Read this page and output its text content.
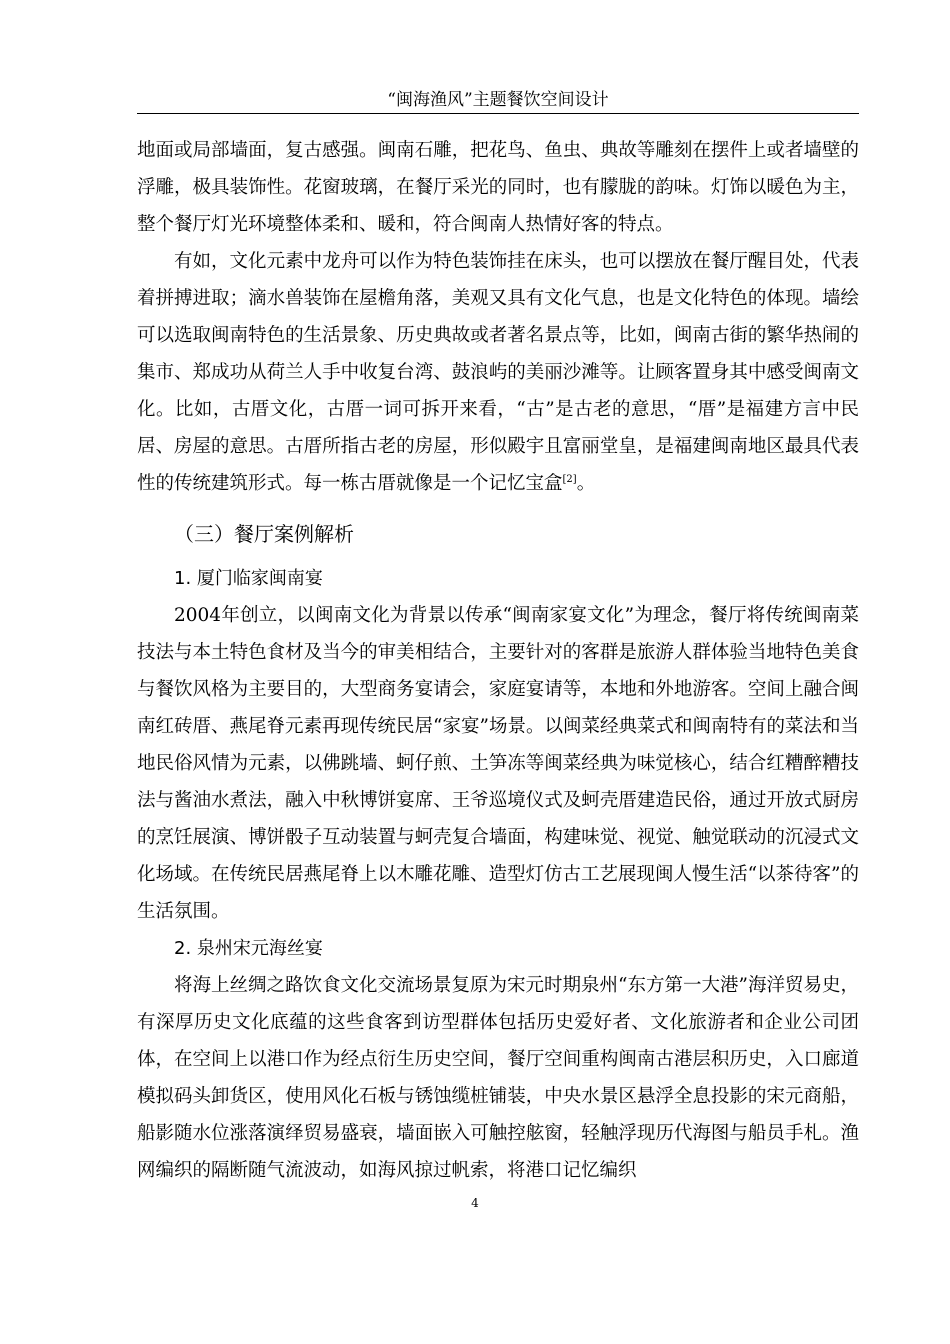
“闽海渔风”主题餐饮空间设计

地面或局部墙面，复古感强。闽南石雕，把花鸟、鱼虫、典故等雕刻在摆件上或者墙壁的浮雕，极具装饰性。花窗玻璃，在餐厅采光的同时，也有朦胧的韵味。灯饰以暖色为主，整个餐厅灯光环境整体柔和、暖和，符合闽南人热情好客的特点。

有如，文化元素中龙舟可以作为特色装饰挂在床头，也可以摆放在餐厅醒目处，代表着拼搏进取；滴水兽装饰在屋檐角落，美观又具有文化气息，也是文化特色的体现。墙绘可以选取闽南特色的生活景象、历史典故或者著名景点等，比如，闽南古街的繁华热闹的集市、郑成功从荷兰人手中收复台湾、鼓浪屿的美丽沙滩等。让顾客置身其中感受闽南文化。比如，古厝文化，古厝一词可拆开来看，“古”是古老的意思，“厝”是福建方言中民居、房屋的意思。古厝所指古老的房屋，形似殿宇且富丽堂皇，是福建闽南地区最具代表性的传统建筑形式。每一栋古厝就像是一个记忆宝盒[2]。

（三）餐厅案例解析
1. 厦门临家闽南宴

2004年创立，以闽南文化为背景以传承“闽南家宴文化”为理念，餐厅将传统闽南菜技法与本土特色食材及当今的审美相结合，主要针对的客群是旅游人群体验当地特色美食与餐饮风格为主要目的，大型商务宴请会，家庭宴请等，本地和外地游客。空间上融合闽南红砖厝、燕尾脊元素再现传统民居“家宴”场景。以闽菜经典菜式和闽南特有的菜法和当地民俗风情为元素，以佛跳墙、蚵仔煎、土笋冻等闽菜经典为味觉核心，结合红糟醉糟技法与酱油水煮法，融入中秋博饼宴席、王爷巡境仪式及蚵壳厝建造民俗，通过开放式厨房的烹饪展演、博饼骰子互动装置与蚵壳复合墙面，构建味觉、视觉、触觉联动的沉浸式文化场域。在传统民居燕尾脊上以木雕花雕、造型灯仿古工艺展现闽人慢生活“以茶待客”的生活氛围。

2. 泉州宋元海丝宴

将海上丝绸之路饮食文化交流场景复原为宋元时期泉州“东方第一大港”海洋贸易史，有深厚历史文化底蕴的这些食客到访型群体包括历史爱好者、文化旅游者和企业公司团体，在空间上以港口作为经点衍生历史空间，餐厅空间重构闽南古港层积历史，入口廊道模拟码头卸货区，使用风化石板与锈蚀缆桩铺装，中央水景区悬浮全息投影的宋元商船，船影随水位涨落演绎贸易盛衰，墙面嵌入可触控舷窗，轻触浮现历代海图与船员手札。渔网编织的隔断随气流波动，如海风掠过帆索，将港口记忆编织

4
